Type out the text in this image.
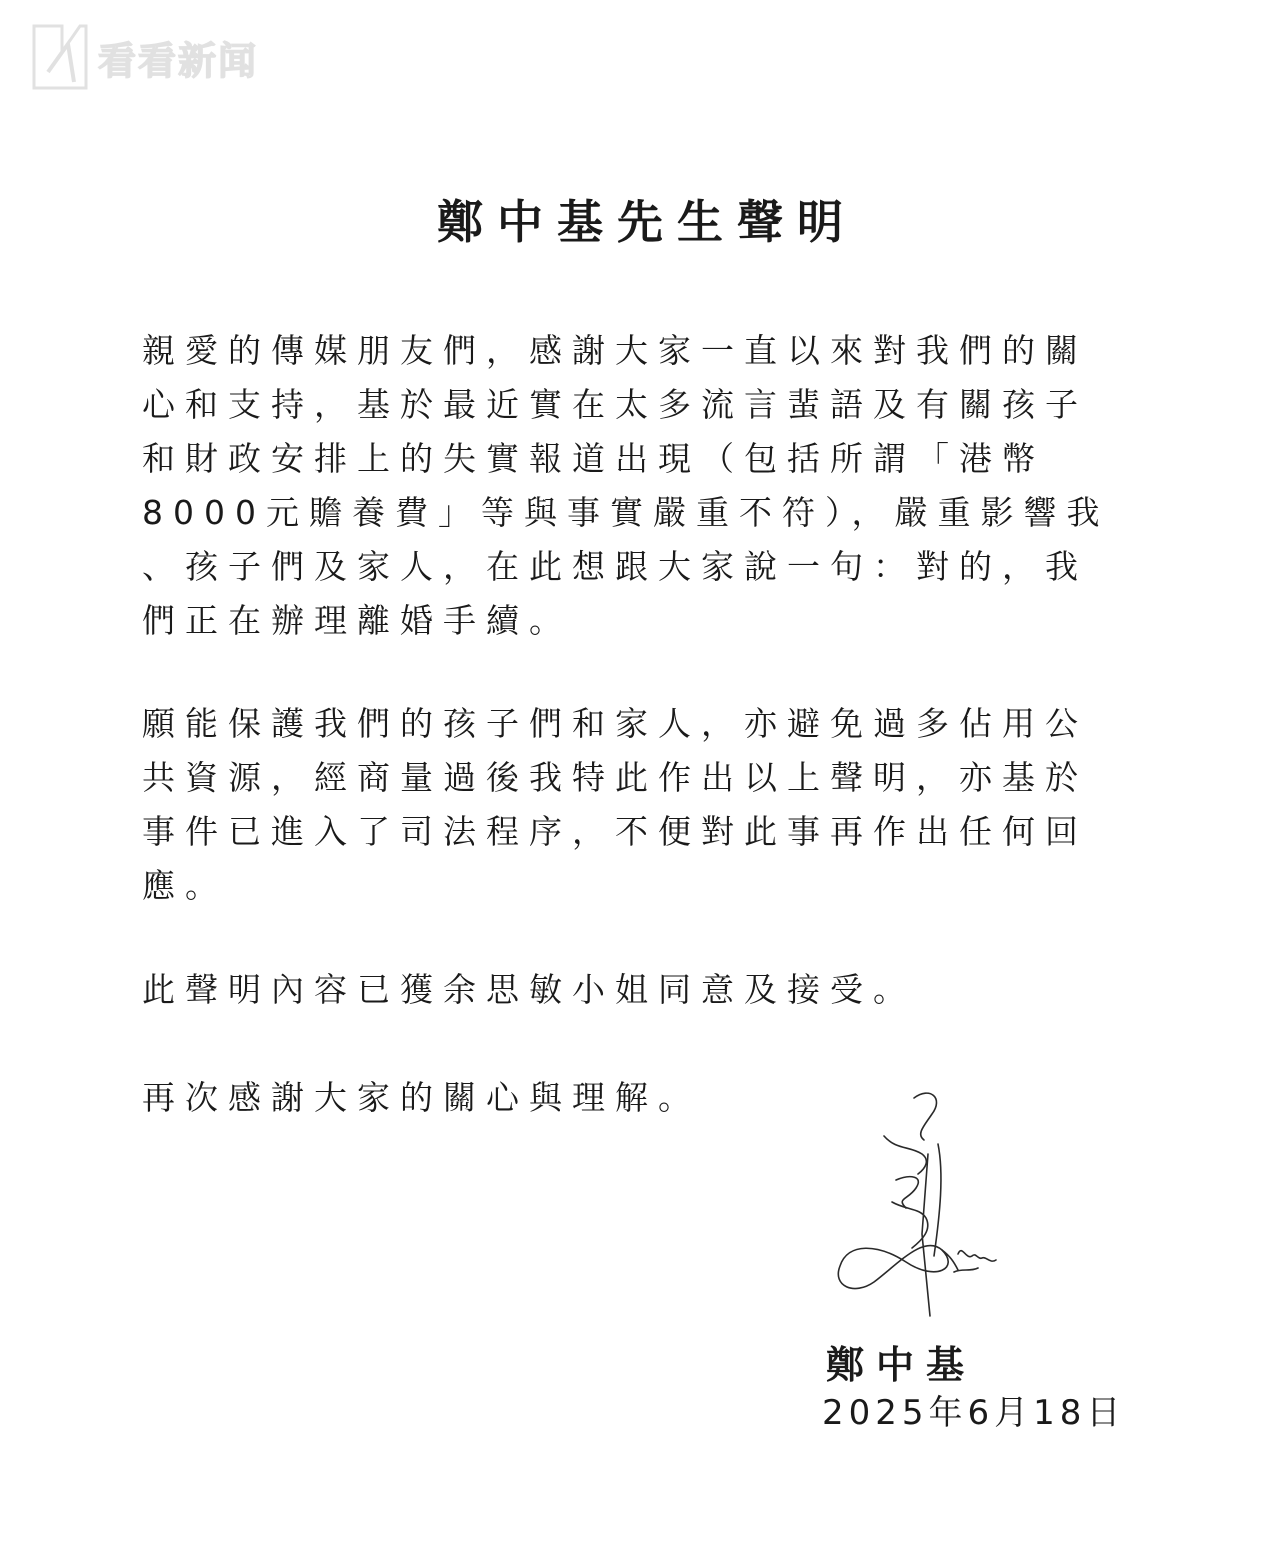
看看新闻
鄭中基先生聲明
親愛的傳媒朋友們，感謝大家一直以來對我們的關
心和支持，基於最近實在太多流言蜚語及有關孩子
和財政安排上的失實報道出現（包括所謂「港幣
8000元贍養費」等與事實嚴重不符），嚴重影響我
、孩子們及家人，在此想跟大家說一句：對的，我
們正在辦理離婚手續。
願能保護我們的孩子們和家人，亦避免過多佔用公
共資源，經商量過後我特此作出以上聲明，亦基於
事件已進入了司法程序，不便對此事再作出任何回
應。
此聲明內容已獲余思敏小姐同意及接受。
再次感謝大家的關心與理解。
鄭中基
2025年6月18日
